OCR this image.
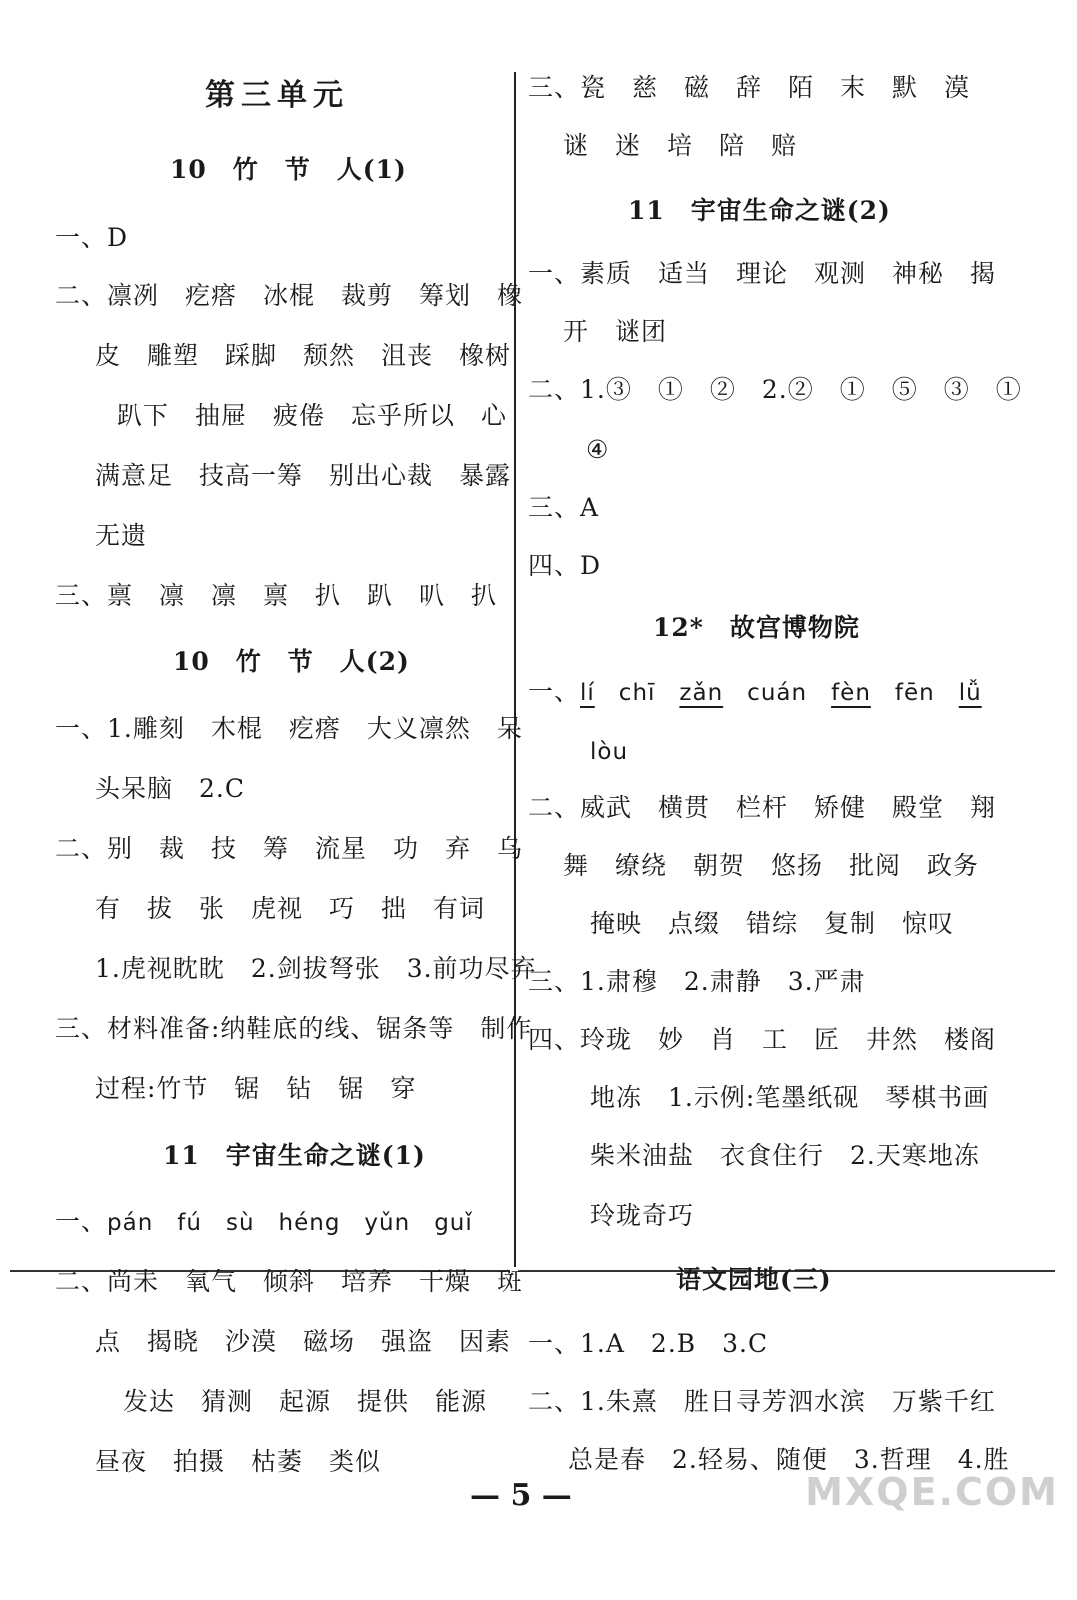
第三单元
10　竹　节　人(1)
一、D
二、凛冽　疙瘩　冰棍　裁剪　筹划　橡
皮　雕塑　踩脚　颓然　沮丧　橡树
趴下　抽屉　疲倦　忘乎所以　心
满意足　技高一筹　别出心裁　暴露
无遗
三、禀　凛　凛　禀　扒　趴　叭　扒
10　竹　节　人(2)
一、1.雕刻　木棍　疙瘩　大义凛然　呆
头呆脑　2.C
二、别　裁　技　筹　流星　功　弃　乌
有　拔　张　虎视　巧　拙　有词
1.虎视眈眈　2.剑拔弩张　3.前功尽弃
三、材料准备:纳鞋底的线、锯条等　制作
过程:竹节　锯　钻　锯　穿
11　宇宙生命之谜(1)
一、pán　fú　sù　héng　yǔn　guǐ
二、尚未　氧气　倾斜　培养　干燥　斑
点　揭晓　沙漠　磁场　强盗　因素
发达　猜测　起源　提供　能源
昼夜　拍摄　枯萎　类似
三、瓷　慈　磁　辞　陌　末　默　漠
谜　迷　培　陪　赔
11　宇宙生命之谜(2)
一、素质　适当　理论　观测　神秘　揭
开　谜团
二、1.③　①　②　2.②　①　⑤　③　①
④
三、A
四、D
12*　故宫博物院
一、lí　 chī　 zǎn　 cuán　 fèn　 fēn　 lǚ
lòu
二、威武　横贯　栏杆　矫健　殿堂　翔
舞　缭绕　朝贺　悠扬　批阅　政务
掩映　点缀　错综　复制　惊叹
三、1.肃穆　2.肃静　3.严肃
四、玲珑　妙　肖　工　匠　井然　楼阁
地冻　1.示例:笔墨纸砚　琴棋书画
柴米油盐　衣食住行　2.天寒地冻
玲珑奇巧
语文园地(三)
一、1.A　2.B　3.C
二、1.朱熹　胜日寻芳泗水滨　万紫千红
总是春　2.轻易、随便　3.哲理　4.胜
— 5 —	MXQE.COM
